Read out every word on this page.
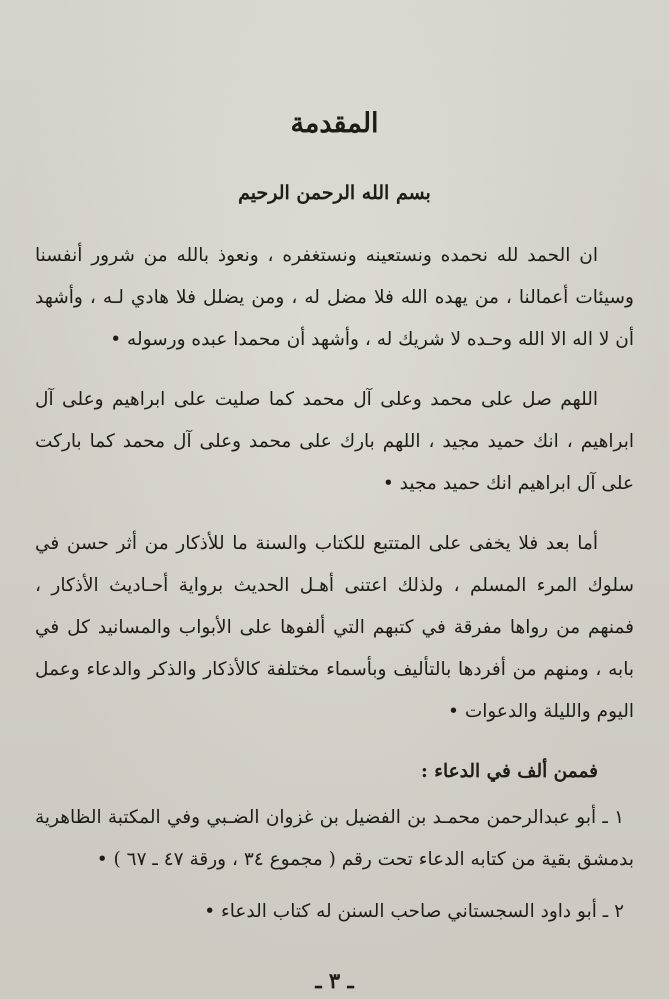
المقدمة
بسم الله الرحمن الرحيم

ان الحمد لله نحمده ونستعينه ونستغفره ، ونعوذ بالله من شرور أنفسنا وسيئات أعمالنا ، من يهده الله فلا مضل له ، ومن يضلل فلا هادي لـه ، وأشهد أن لا اله الا الله وحـده لا شريك له ، وأشهد أن محمدا عبده ورسوله •

اللهم صل على محمد وعلى آل محمد كما صليت على ابراهيم وعلى آل ابراهيم ، انك حميد مجيد ، اللهم بارك على محمد وعلى آل محمد كما باركت على آل ابراهيم انك حميد مجيد •

أما بعد فلا يخفى على المتتبع للكتاب والسنة ما للأذكار من أثر حسن في سلوك المرء المسلم ، ولذلك اعتنى أهـل الحديث برواية أحـاديث الأذكار ، فمنهم من رواها مفرقة في كتبهم التي ألفوها على الأبواب والمسانيد كل في بابه ، ومنهم من أفردها بالتأليف وبأسماء مختلفة كالأذكار والذكر والدعاء وعمل اليوم والليلة والدعوات •

فممن ألف في الدعاء :

١ ـ أبو عبدالرحمن محمـد بن الفضيل بن غزوان الضـبي وفي المكتبة الظاهرية بدمشق بقية من كتابه الدعاء تحت رقم ( مجموع ٣٤ ، ورقة ٤٧ ـ ٦٧ ) •

٢ ـ أبو داود السجستاني صاحب السنن له كتاب الدعاء •

ـ ٣ ـ
